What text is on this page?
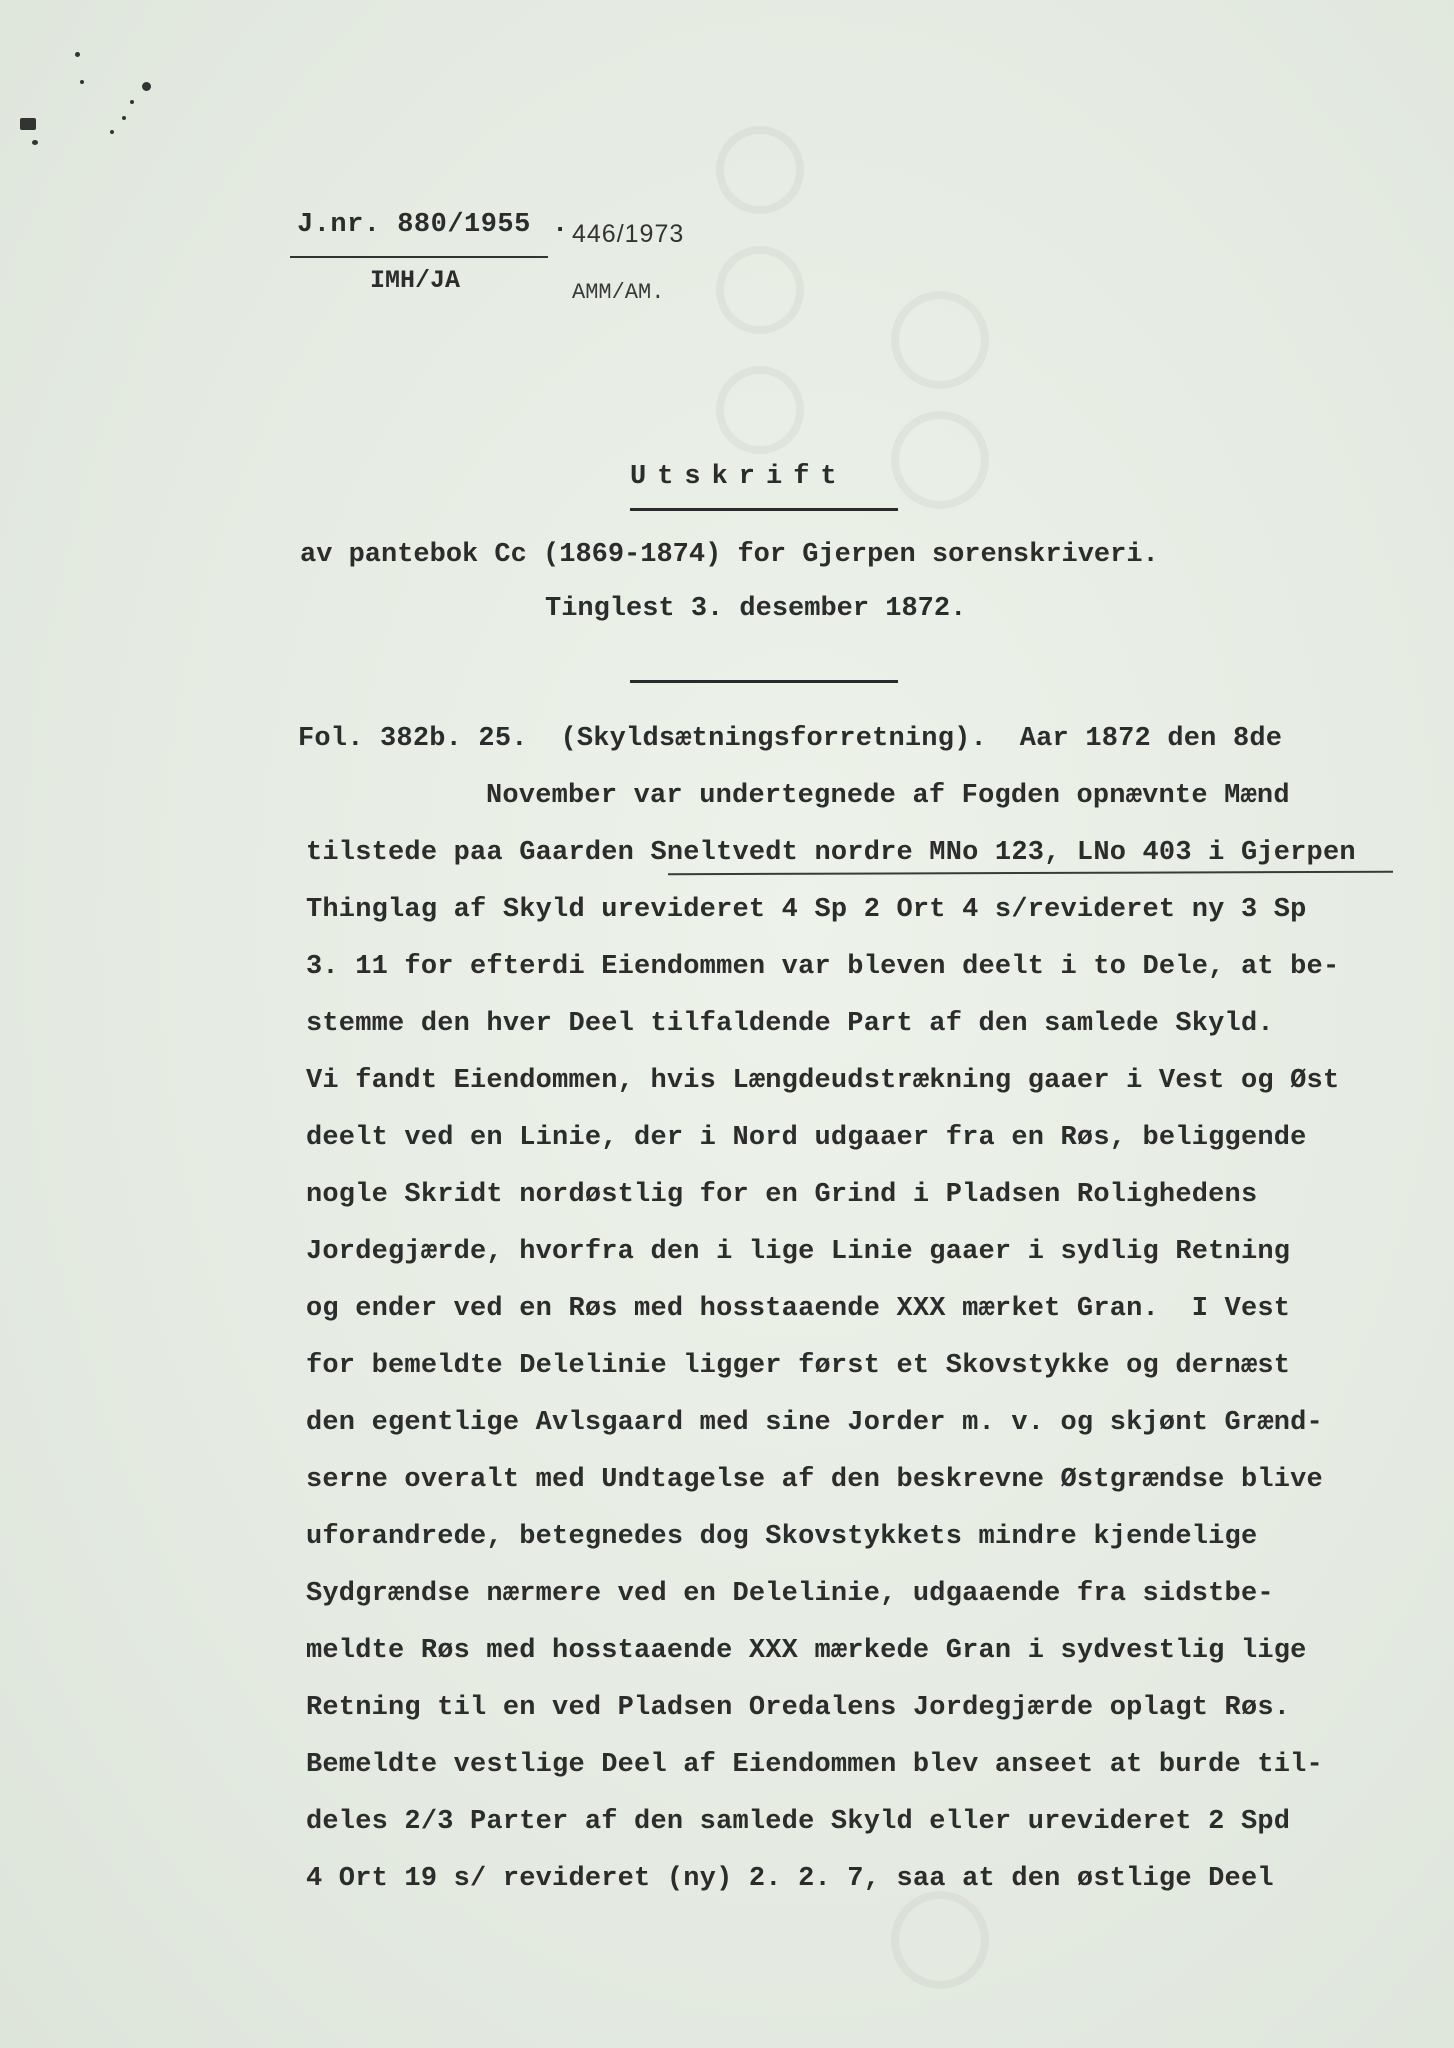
J.nr. 880/1955 . 446/1973
IMH/JA	AMM/AM.
Utskrift
av pantebok Cc (1869-1874) for Gjerpen sorenskriveri.
Tinglest 3. desember 1872.
Fol. 382b. 25.  (Skyldsætningsforretning).  Aar 1872 den 8de
November var undertegnede af Fogden opnævnte Mænd
tilstede paa Gaarden Sneltvedt nordre MNo 123, LNo 403 i Gjerpen
Thinglag af Skyld urevideret 4 Sp 2 Ort 4 s/revideret ny 3 Sp
3. 11 for efterdi Eiendommen var bleven deelt i to Dele, at be-
stemme den hver Deel tilfaldende Part af den samlede Skyld.
Vi fandt Eiendommen, hvis Længdeudstrækning gaaer i Vest og Øst
deelt ved en Linie, der i Nord udgaaer fra en Røs, beliggende
nogle Skridt nordøstlig for en Grind i Pladsen Rolighedens
Jordegjærde, hvorfra den i lige Linie gaaer i sydlig Retning
og ender ved en Røs med hosstaaende XXX mærket Gran.  I Vest
for bemeldte Delelinie ligger først et Skovstykke og dernæst
den egentlige Avlsgaard med sine Jorder m. v. og skjønt Grænd-
serne overalt med Undtagelse af den beskrevne Østgrændse blive
uforandrede, betegnedes dog Skovstykkets mindre kjendelige
Sydgrændse nærmere ved en Delelinie, udgaaende fra sidstbe-
meldte Røs med hosstaaende XXX mærkede Gran i sydvestlig lige
Retning til en ved Pladsen Oredalens Jordegjærde oplagt Røs.
Bemeldte vestlige Deel af Eiendommen blev anseet at burde til-
deles 2/3 Parter af den samlede Skyld eller urevideret 2 Spd
4 Ort 19 s/ revideret (ny) 2. 2. 7, saa at den østlige Deel
